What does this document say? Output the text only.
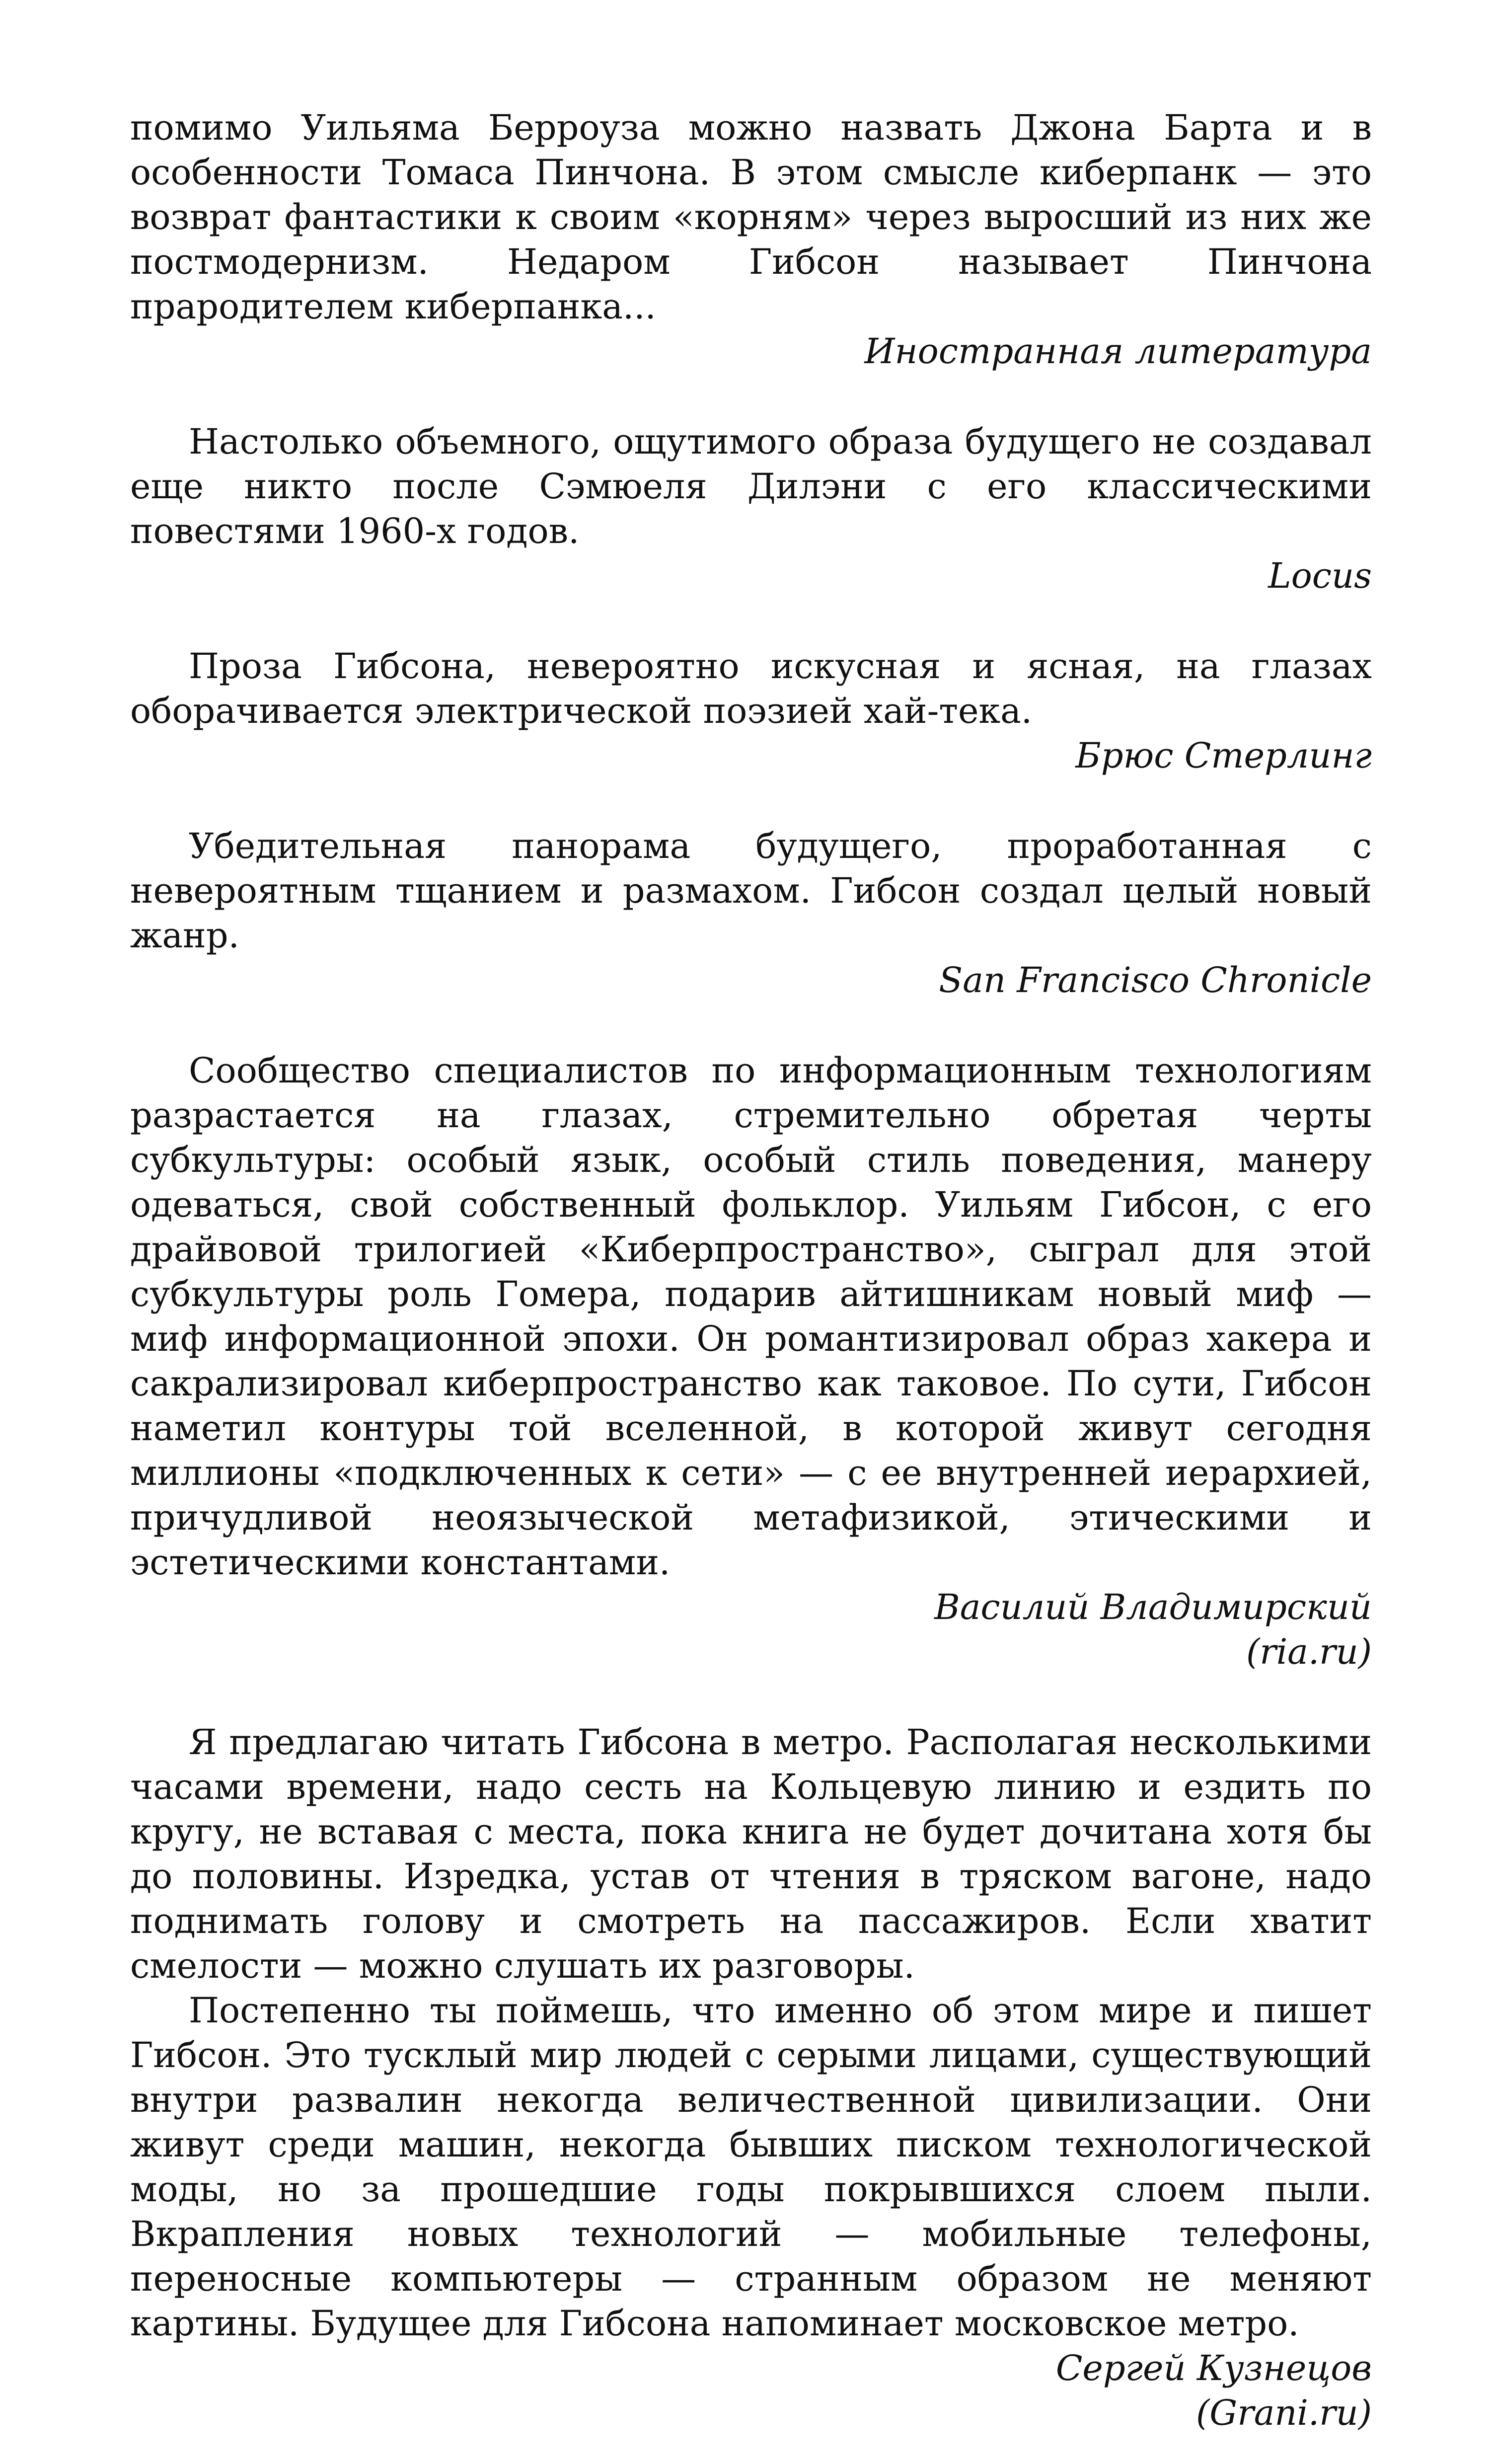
помимо Уильяма Берроуза можно назвать Джона Барта и в особенности Томаса Пинчона. В этом смысле киберпанк — это возврат фантастики к своим «корням» через выросший из них же постмодернизм. Недаром Гибсон называет Пинчона прародителем киберпанка...

Иностранная литература

Настолько объемного, ощутимого образа будущего не создавал еще никто после Сэмюеля Дилэни с его классическими повестями 1960-х годов.

Locus

Проза Гибсона, невероятно искусная и ясная, на глазах оборачивается электрической поэзией хай-тека.

Брюс Стерлинг

Убедительная панорама будущего, проработанная с невероятным тщанием и размахом. Гибсон создал целый новый жанр.

San Francisco Chronicle

Сообщество специалистов по информационным технологиям разрастается на глазах, стремительно обретая черты субкультуры: особый язык, особый стиль поведения, манеру одеваться, свой собственный фольклор. Уильям Гибсон, с его драйвовой трилогией «Киберпространство», сыграл для этой субкультуры роль Гомера, подарив айтишникам новый миф — миф информационной эпохи. Он романтизировал образ хакера и сакрализировал киберпространство как таковое. По сути, Гибсон наметил контуры той вселенной, в которой живут сегодня миллионы «подключенных к сети» — с ее внутренней иерархией, причудливой неоязыческой метафизикой, этическими и эстетическими константами.

Василий Владимирский

(ria.ru)

Я предлагаю читать Гибсона в метро. Располагая несколькими часами времени, надо сесть на Кольцевую линию и ездить по кругу, не вставая с места, пока книга не будет дочитана хотя бы до половины. Изредка, устав от чтения в тряском вагоне, надо поднимать голову и смотреть на пассажиров. Если хватит смелости — можно слушать их разговоры.

Постепенно ты поймешь, что именно об этом мире и пишет Гибсон. Это тусклый мир людей с серыми лицами, существующий внутри развалин некогда величественной цивилизации. Они живут среди машин, некогда бывших писком технологической моды, но за прошедшие годы покрывшихся слоем пыли. Вкрапления новых технологий — мобильные телефоны, переносные компьютеры — странным образом не меняют картины. Будущее для Гибсона напоминает московское метро.

Сергей Кузнецов

(Grani.ru)
